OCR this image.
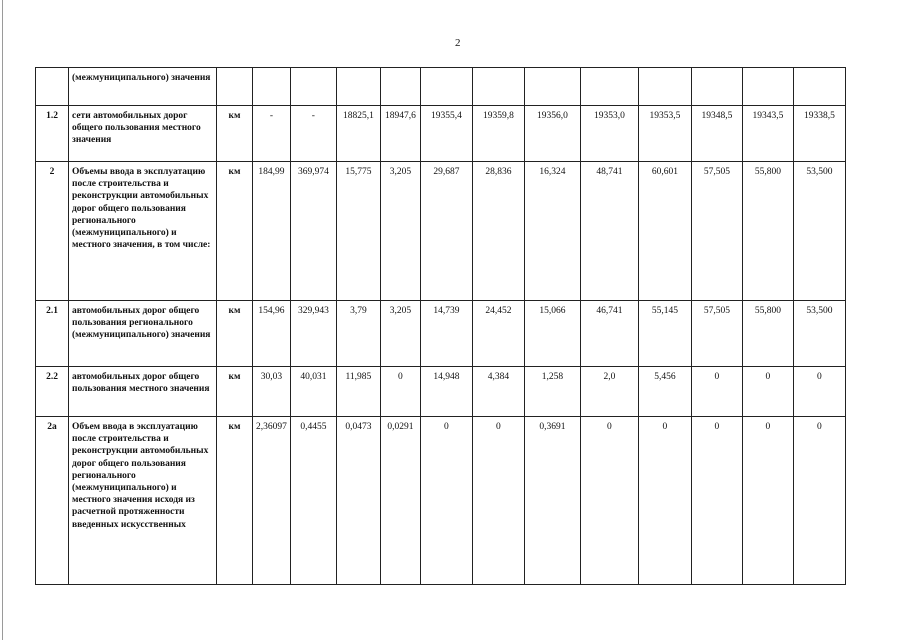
2
	(межмуниципального) значения													
1.2	сети автомобильных дорог общего пользования местного значения	км	-	-	18825,1	18947,6	19355,4	19359,8	19356,0	19353,0	19353,5	19348,5	19343,5	19338,5
2	Объемы ввода в эксплуатацию после строительства и реконструкции автомобильных дорог общего пользования регионального (межмуниципального) и местного значения, в том числе:	км	184,99	369,974	15,775	3,205	29,687	28,836	16,324	48,741	60,601	57,505	55,800	53,500
2.1	автомобильных дорог общего пользования регионального (межмуниципального) значения	км	154,96	329,943	3,79	3,205	14,739	24,452	15,066	46,741	55,145	57,505	55,800	53,500
2.2	автомобильных дорог общего пользования местного значения	км	30,03	40,031	11,985	0	14,948	4,384	1,258	2,0	5,456	0	0	0
2а	Объем ввода в эксплуатацию после строительства и реконструкции автомобильных дорог общего пользования регионального (межмуниципального) и местного значения исходя из расчетной протяженности введенных искусственных	км	2,36097	0,4455	0,0473	0,0291	0	0	0,3691	0	0	0	0	0
